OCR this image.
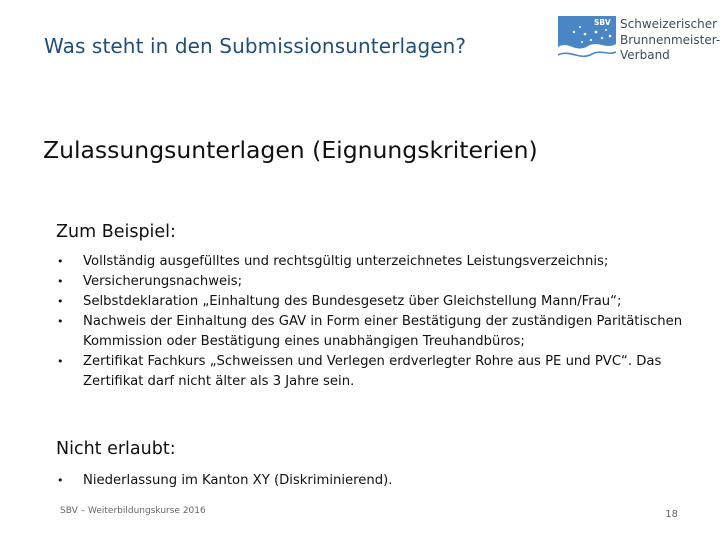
Was steht in den Submissionsunterlagen?
SBV Schweizerischer
Brunnenmeister-
Verband
Zulassungsunterlagen (Eignungskriterien)
Zum Beispiel:
• Vollständig ausgefülltes und rechtsgültig unterzeichnetes Leistungsverzeichnis;
• Versicherungsnachweis;
• Selbstdeklaration „Einhaltung des Bundesgesetz über Gleichstellung Mann/Frau“;
• Nachweis der Einhaltung des GAV in Form einer Bestätigung der zuständigen Paritätischen Kommission oder Bestätigung eines unabhängigen Treuhandbüros;
• Zertifikat Fachkurs „Schweissen und Verlegen erdverlegter Rohre aus PE und PVC“. Das Zertifikat darf nicht älter als 3 Jahre sein.
Nicht erlaubt:
• Niederlassung im Kanton XY (Diskriminierend).
SBV – Weiterbildungskurse 2016	18
